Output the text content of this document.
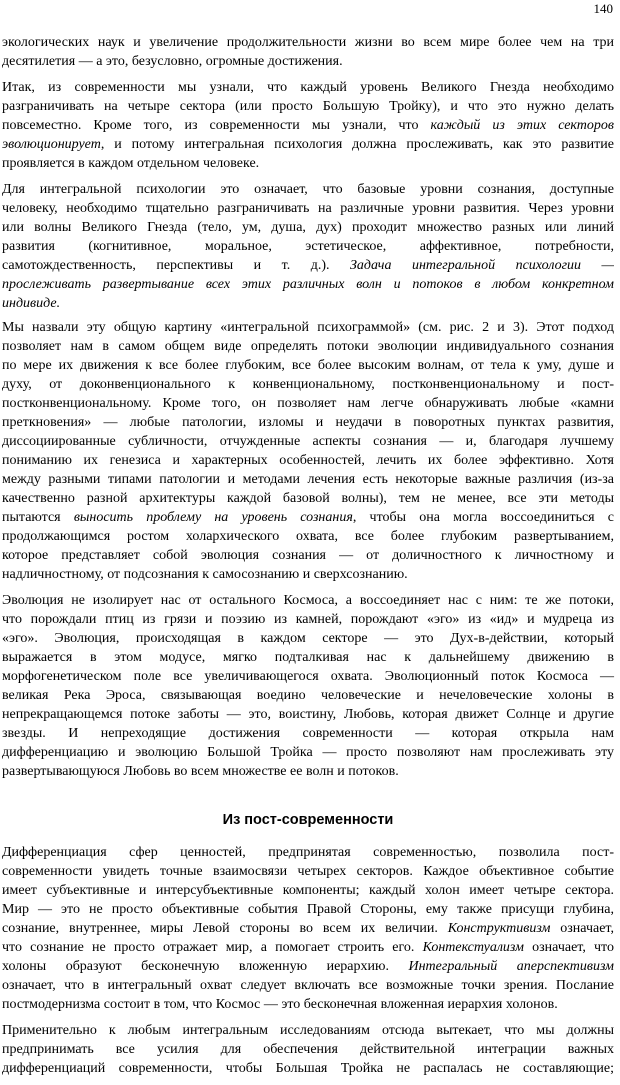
140
экологических наук и увеличение продолжительности жизни во всем мире более чем на три
десятилетия — а это, безусловно, огромные достижения.
Итак, из современности мы узнали, что каждый уровень Великого Гнезда необходимо
разграничивать на четыре сектора (или просто Большую Тройку), и что это нужно делать
повсеместно. Кроме того, из современности мы узнали, что каждый из этих секторов
эволюционирует, и потому интегральная психология должна прослеживать, как это развитие
проявляется в каждом отдельном человеке.
Для интегральной психологии это означает, что базовые уровни сознания, доступные
человеку, необходимо тщательно разграничивать на различные уровни развития. Через уровни
или волны Великого Гнезда (тело, ум, душа, дух) проходит множество разных или линий
развития (когнитивное, моральное, эстетическое, аффективное, потребности,
самотождественность, перспективы и т. д.). Задача интегральной психологии —
прослеживать развертывание всех этих различных волн и потоков в любом конкретном
индивиде.
Мы назвали эту общую картину «интегральной психограммой» (см. рис. 2 и 3). Этот подход
позволяет нам в самом общем виде определять потоки эволюции индивидуального сознания
по мере их движения к все более глубоким, все более высоким волнам, от тела к уму, душе и
духу, от доконвенционального к конвенциональному, постконвенциональному и пост-
постконвенциональному. Кроме того, он позволяет нам легче обнаруживать любые «камни
преткновения» — любые патологии, изломы и неудачи в поворотных пунктах развития,
диссоциированные субличности, отчужденные аспекты сознания — и, благодаря лучшему
пониманию их генезиса и характерных особенностей, лечить их более эффективно. Хотя
между разными типами патологии и методами лечения есть некоторые важные различия (из-за
качественно разной архитектуры каждой базовой волны), тем не менее, все эти методы
пытаются выносить проблему на уровень сознания, чтобы она могла воссоединиться с
продолжающимся ростом холархического охвата, все более глубоким развертыванием,
которое представляет собой эволюция сознания — от доличностного к личностному и
надличностному, от подсознания к самосознанию и сверхсознанию.
Эволюция не изолирует нас от остального Космоса, а воссоединяет нас с ним: те же потоки,
что порождали птиц из грязи и поэзию из камней, порождают «эго» из «ид» и мудреца из
«эго». Эволюция, происходящая в каждом секторе — это Дух-в-действии, который
выражается в этом модусе, мягко подталкивая нас к дальнейшему движению в
морфогенетическом поле все увеличивающегося охвата. Эволюционный поток Космоса —
великая Река Эроса, связывающая воедино человеческие и нечеловеческие холоны в
непрекращающемся потоке заботы — это, воистину, Любовь, которая движет Солнце и другие
звезды. И непреходящие достижения современности — которая открыла нам
дифференциацию и эволюцию Большой Тройка — просто позволяют нам прослеживать эту
развертывающуюся Любовь во всем множестве ее волн и потоков.
Из пост-современности
Дифференциация сфер ценностей, предпринятая современностью, позволила пост-
современности увидеть точные взаимосвязи четырех секторов. Каждое объективное событие
имеет субъективные и интерсубъективные компоненты; каждый холон имеет четыре сектора.
Мир — это не просто объективные события Правой Стороны, ему также присущи глубина,
сознание, внутреннее, миры Левой стороны во всем их величии. Конструктивизм означает,
что сознание не просто отражает мир, а помогает строить его. Контекстуализм означает, что
холоны образуют бесконечную вложенную иерархию. Интегральный аперспективизм
означает, что в интегральный охват следует включать все возможные точки зрения. Послание
постмодернизма состоит в том, что Космос — это бесконечная вложенная иерархия холонов.
Применительно к любым интегральным исследованиям отсюда вытекает, что мы должны
предпринимать все усилия для обеспечения действительной интеграции важных
дифференциаций современности, чтобы Большая Тройка не распалась не составляющие;
